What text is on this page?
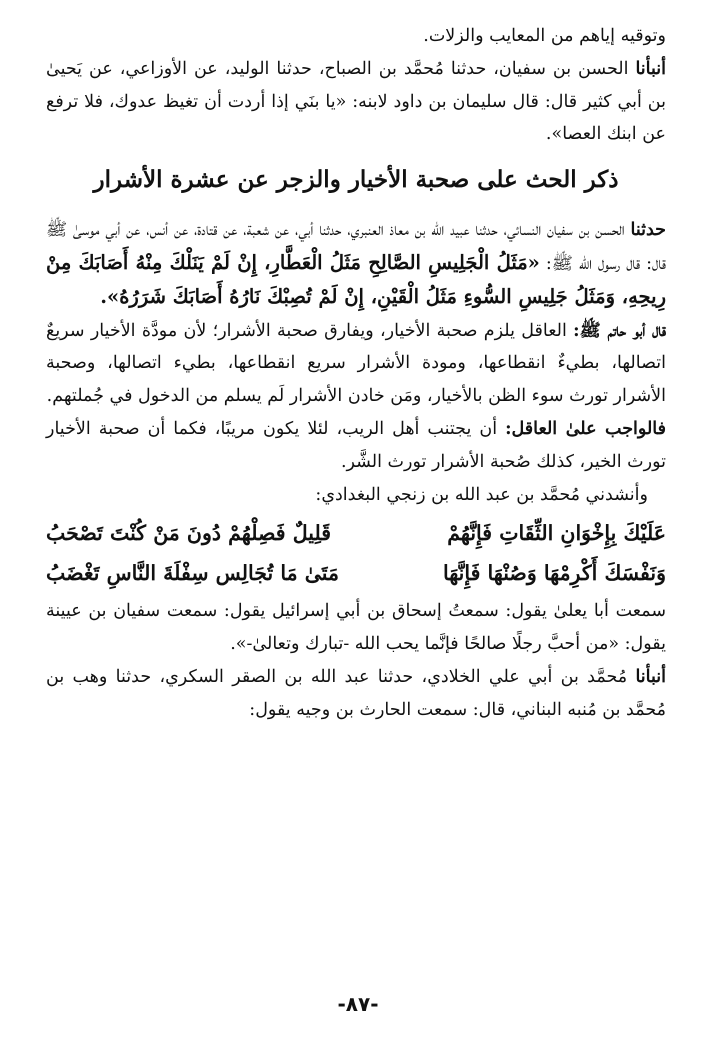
وتوقيه إياهم من المعايب والزلات.

أنبأنا الحسن بن سفيان، حدثنا مُحمَّد بن الصباح، حدثنا الوليد، عن الأوزاعي، عن يَحيىٰ بن أبي كثير قال: قال سليمان بن داود لابنه: «يا بنَي إذا أردت أن تغيظ عدوك، فلا ترفع عن ابنك العصا».

ذكر الحث على صحبة الأخيار والزجر عن عشرة الأشرار

حدثنا الحسن بن سفيان النسائي، حدثنا عبيد الله بن معاذ العنبري، حدثنا أبي، عن شعبة، عن قتادة، عن أنس، عن أبي موسىٰ ﷺ قال: قال رسول الله ﷺ: «مَثَلُ الْجَلِيسِ الصَّالِحِ مَثَلُ الْعَطَّارِ، إِنْ لَمْ يَنَلْكَ مِنْهُ أَصَابَكَ مِنْ رِيحِهِ، وَمَثَلُ جَلِيسِ السُّوءِ مَثَلُ الْقَيْنِ، إِنْ لَمْ تُصِبْكَ نَارُهُ أَصَابَكَ شَرَرُهُ».

قال أبو حاتم ﷺ: العاقل يلزم صحبة الأخيار، ويفارق صحبة الأشرار؛ لأن مودَّة الأخيار سريعٌ اتصالها، بطيءٌ انقطاعها، ومودة الأشرار سريع انقطاعها، بطيء اتصالها، وصحبة الأشرار تورث سوء الظن بالأخيار، ومَن خادن الأشرار لَم يسلم من الدخول في جُملتهم.

فالواجب علىٰ العاقل: أن يجتنب أهل الريب، لئلا يكون مريبًا، فكما أن صحبة الأخيار تورث الخير، كذلك صُحبة الأشرار تورث الشَّر.

وأنشدني مُحمَّد بن عبد الله بن زنجي البغدادي:

عَلَيْكَ بِإِخْوَانِ الثِّقَاتِ فَإِنَّهُمْ
قَلِيلٌ فَصِلْهُمْ دُونَ مَنْ كُنْتَ تَصْحَبُ
وَنَفْسَكَ أَكْرِمْهَا وَصُنْهَا فَإِنَّهَا
مَتَىٰ مَا تُجَالِس سِفْلَةَ النَّاسِ تَغْضَبُ

سمعت أبا يعلىٰ يقول: سمعتُ إسحاق بن أبي إسرائيل يقول: سمعت سفيان بن عيينة يقول: «من أحبَّ رجلًا صالحًا فإنَّما يحب الله -تبارك وتعالىٰ-».

أنبأنا مُحمَّد بن أبي علي الخلادي، حدثنا عبد الله بن الصقر السكري، حدثنا وهب بن مُحمَّد بن مُنبه البناني، قال: سمعت الحارث بن وجيه يقول:

-٨٧-
